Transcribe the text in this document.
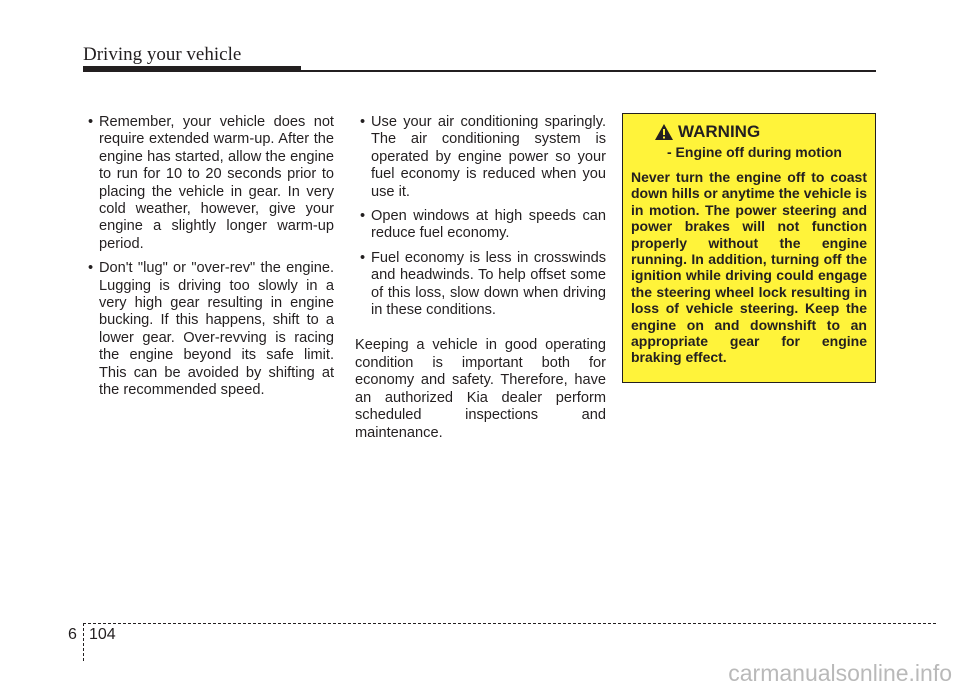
Driving your vehicle
• Remember, your vehicle does not require extended warm-up. After the engine has started, allow the engine to run for 10 to 20 seconds prior to placing the vehicle in gear. In very cold weather, however, give your engine a slightly longer warm-up period.
• Don't "lug" or "over-rev" the engine. Lugging is driving too slowly in a very high gear resulting in engine bucking. If this happens, shift to a lower gear. Over-revving is racing the engine beyond its safe limit. This can be avoided by shifting at the recommended speed.
• Use your air conditioning sparingly. The air conditioning system is operated by engine power so your fuel economy is reduced when you use it.
• Open windows at high speeds can reduce fuel economy.
• Fuel economy is less in crosswinds and headwinds. To help offset some of this loss, slow down when driving in these conditions.

Keeping a vehicle in good operating condition is important both for economy and safety. Therefore, have an authorized Kia dealer perform scheduled inspections and maintenance.

WARNING
- Engine off during motion

Never turn the engine off to coast down hills or anytime the vehicle is in motion. The power steering and power brakes will not function properly without the engine running. In addition, turning off the ignition while driving could engage the steering wheel lock resulting in loss of vehicle steering. Keep the engine on and downshift to an appropriate gear for engine braking effect.

6 104
carmanualsonline.info
